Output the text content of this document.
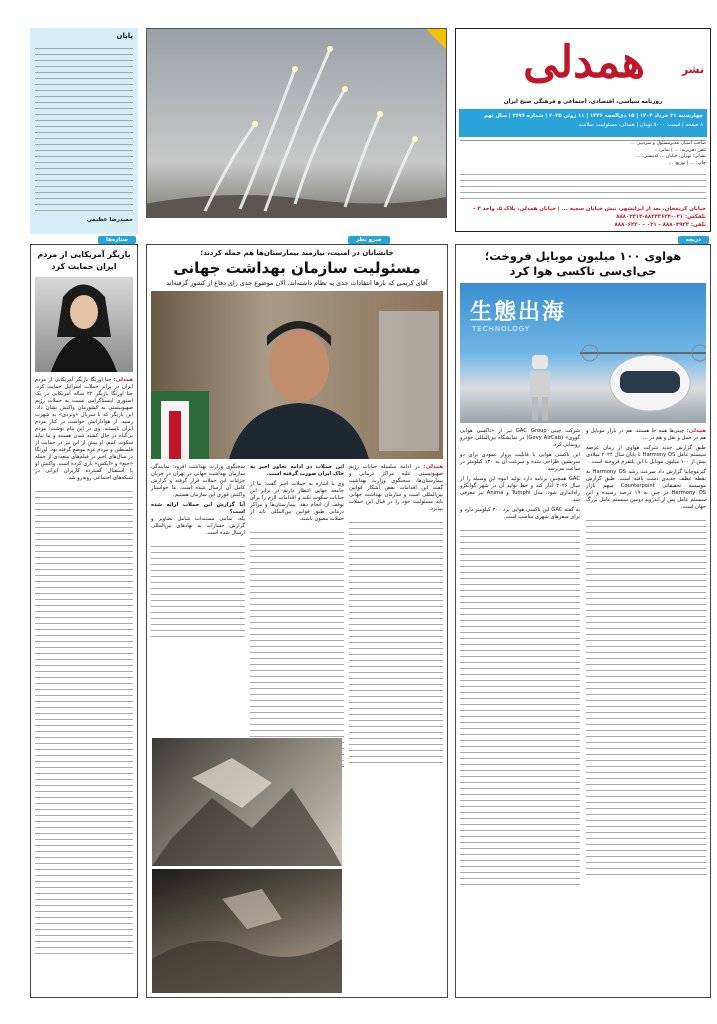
نشر
همدلی
روزنامه سیاسی، اقتصادی، اجتماعی و فرهنگی صبح ایران
چهارشنبه ۲۱ خرداد ۱۴۰۴ | ۱۵ ذی‌الحجه ۱۴۴۶ | ۱۱ ژوئن ۲۰۲۵ | شماره ۲۶۷۶ | سال نهم
۸ صفحه | قیمت: ۵۰۰۰ تومان | همدلی، مسئولیت، سلامت
صاحب امتیاز، مدیرمسئول و سردبیر: ...
تلفن تحریریه: ... | نمابر: ...
نشانی: تهران، خیابان ... کدپستی: ...
چاپ: ... | توزیع: ...
خیابان کریمخان، بعد از ایرانشهر، نبش خیابان سمیه ... | خیابان همدلی، پلاک ۵، واحد ۲ - تلفکس: ۰۲۱-۸۸۳۴۳۶۲۴-۸۸۸۰۲۴۱۴
تلفن: ۸۸۸۰۴۹۳۳ - ۰۲۱ - ۸۸۸۰۶۴۳۰
پایان
حمیدرضا عظیمی
دریچه
خبرو نظر
ستاره‌ها
هواوی ۱۰۰ میلیون موبایل فروخت؛ جی‌ای‌سی تاکسی هوا کرد
生態出海
TECHNOLOGY

همدلی: چینی‌ها همه جا هستند. هم در بازار موبایل و هم در حمل و نقل و هم در ...

طبق گزارش جدید شرکت هواوی از زمان عرضه سیستم عامل Harmony OS تا پایان سال ۲۰۲۴ میلادی بیش از ۱۰۰ میلیون موبایل با این پلتفرم فروخته است.

گیزموچاینا گزارش داد سرعت رشد Harmony OS به نقطه عطف جدیدی دست یافته است. طبق گزارش موسسه تحقیقاتی Counterpoint سهم بازار Harmony OS در چین به ۱۹ درصد رسیده و این سیستم عامل پس از اندروید دومین سیستم عامل بزرگ جهان است.

شرکت چینی GAC Group نیز از «تاکسی هوایی گووی» (Govy AirCab) در نمایشگاه بین‌المللی خودرو رونمایی کرد.

این تاکسی هوایی با قابلیت پرواز عمودی برای دو سرنشین طراحی شده و سرعت آن به ۱۳۰ کیلومتر در ساعت می‌رسد.

GAC همچنین برنامه دارد تولید انبوه این وسیله را از سال ۲۰۲۶ آغاز کند و خط تولید آن در شهر گوانگژو راه‌اندازی شود. مدل Tumphi و Anima نیز معرفی شد.

به گفته GAC این تاکسی هوایی برد ۲۰۰ کیلومتر دارد و برای سفرهای شهری مناسب است.

جانشانان در امنیت، نیازمند بیمارستان‌ها هم حمله کردند؛
مسئولیت سازمان بهداشت جهانی
آقای کریمی که بارها انتقادات جدی به نظام داشته‌اند، الان موضوع جدی رای دفاع از کشور گرفته‌اند

همدلی: در ادامه سلسله جنایات رژیم صهیونیستی علیه مراکز درمانی و بیمارستان‌ها، سخنگوی وزارت بهداشت گفت این اقدامات نقض آشکار قوانین بین‌المللی است و سازمان بهداشت جهانی باید مسئولیت خود را در قبال این حملات بپذیرد.

این حملات در ادامه تجاوز اخیر به خاک ایران صورت گرفته است.

وی با اشاره به حملات اخیر گفت: ما از جامعه جهانی انتظار داریم در برابر این جنایات سکوت نکند و اقدامات لازم را برای توقف آن انجام دهد. بیمارستان‌ها و مراکز درمانی طبق قوانین بین‌المللی باید از حملات مصون باشند.

سخنگوی وزارت بهداشت افزود: نمایندگی سازمان بهداشت جهانی در تهران در جریان جزئیات این حملات قرار گرفته و گزارش کامل آن ارسال شده است. ما خواستار واکنش فوری این سازمان هستیم.

آیا گزارش این حملات ارائه شده است؟

بله، تمامی مستندات شامل تصاویر و گزارش خسارات به نهادهای بین‌المللی ارسال شده است.

بازیگر آمریکایی از مردم ایران حمایت کرد

همدلی: جنا اورتگا بازیگر آمریکایی از مردم ایران در برابر حملات اسرائیل حمایت کرد. جنا اورتگا بازیگر ۲۲ ساله آمریکایی در یک استوری اینستاگرامی نسبت به حملات رژیم صهیونیستی به کشورمان واکنش نشان داد. این بازیگر که با سریال «ونزدی» به شهرت رسید، از هوادارانش خواست در کنار مردم ایران بایستند. وی در این پیام نوشت: مردم بی‌گناه در حال کشته شدن هستند و ما نباید سکوت کنیم. او پیش از این نیز در حمایت از فلسطین و مردم غزه موضع گرفته بود. اورتگا در سال‌های اخیر در فیلم‌های متعددی از جمله «جیغ» و «ایکس» بازی کرده است. واکنش او با استقبال گسترده کاربران ایرانی در شبکه‌های اجتماعی روبه‌رو شد.
